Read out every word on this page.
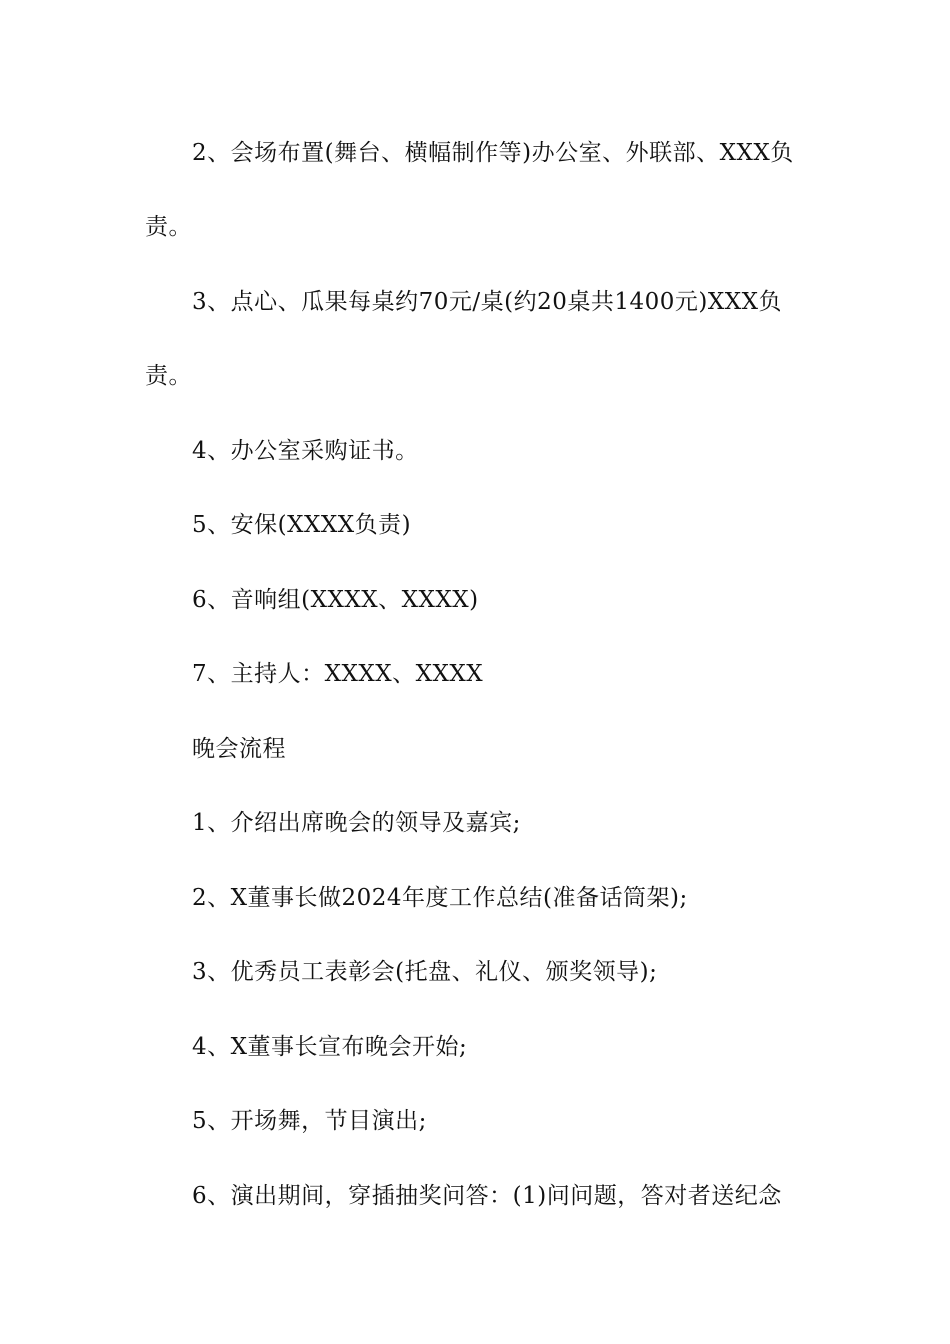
2、会场布置(舞台、横幅制作等)办公室、外联部、XXX负
责。
3、点心、瓜果每桌约70元/桌(约20桌共1400元)XXX负
责。
4、办公室采购证书。
5、安保(XXXX负责)
6、音响组(XXXX、XXXX)
7、主持人：XXXX、XXXX
晚会流程
1、介绍出席晚会的领导及嘉宾;
2、X董事长做2024年度工作总结(准备话筒架);
3、优秀员工表彰会(托盘、礼仪、颁奖领导);
4、X董事长宣布晚会开始;
5、开场舞，节目演出;
6、演出期间，穿插抽奖问答：(1)问问题，答对者送纪念
